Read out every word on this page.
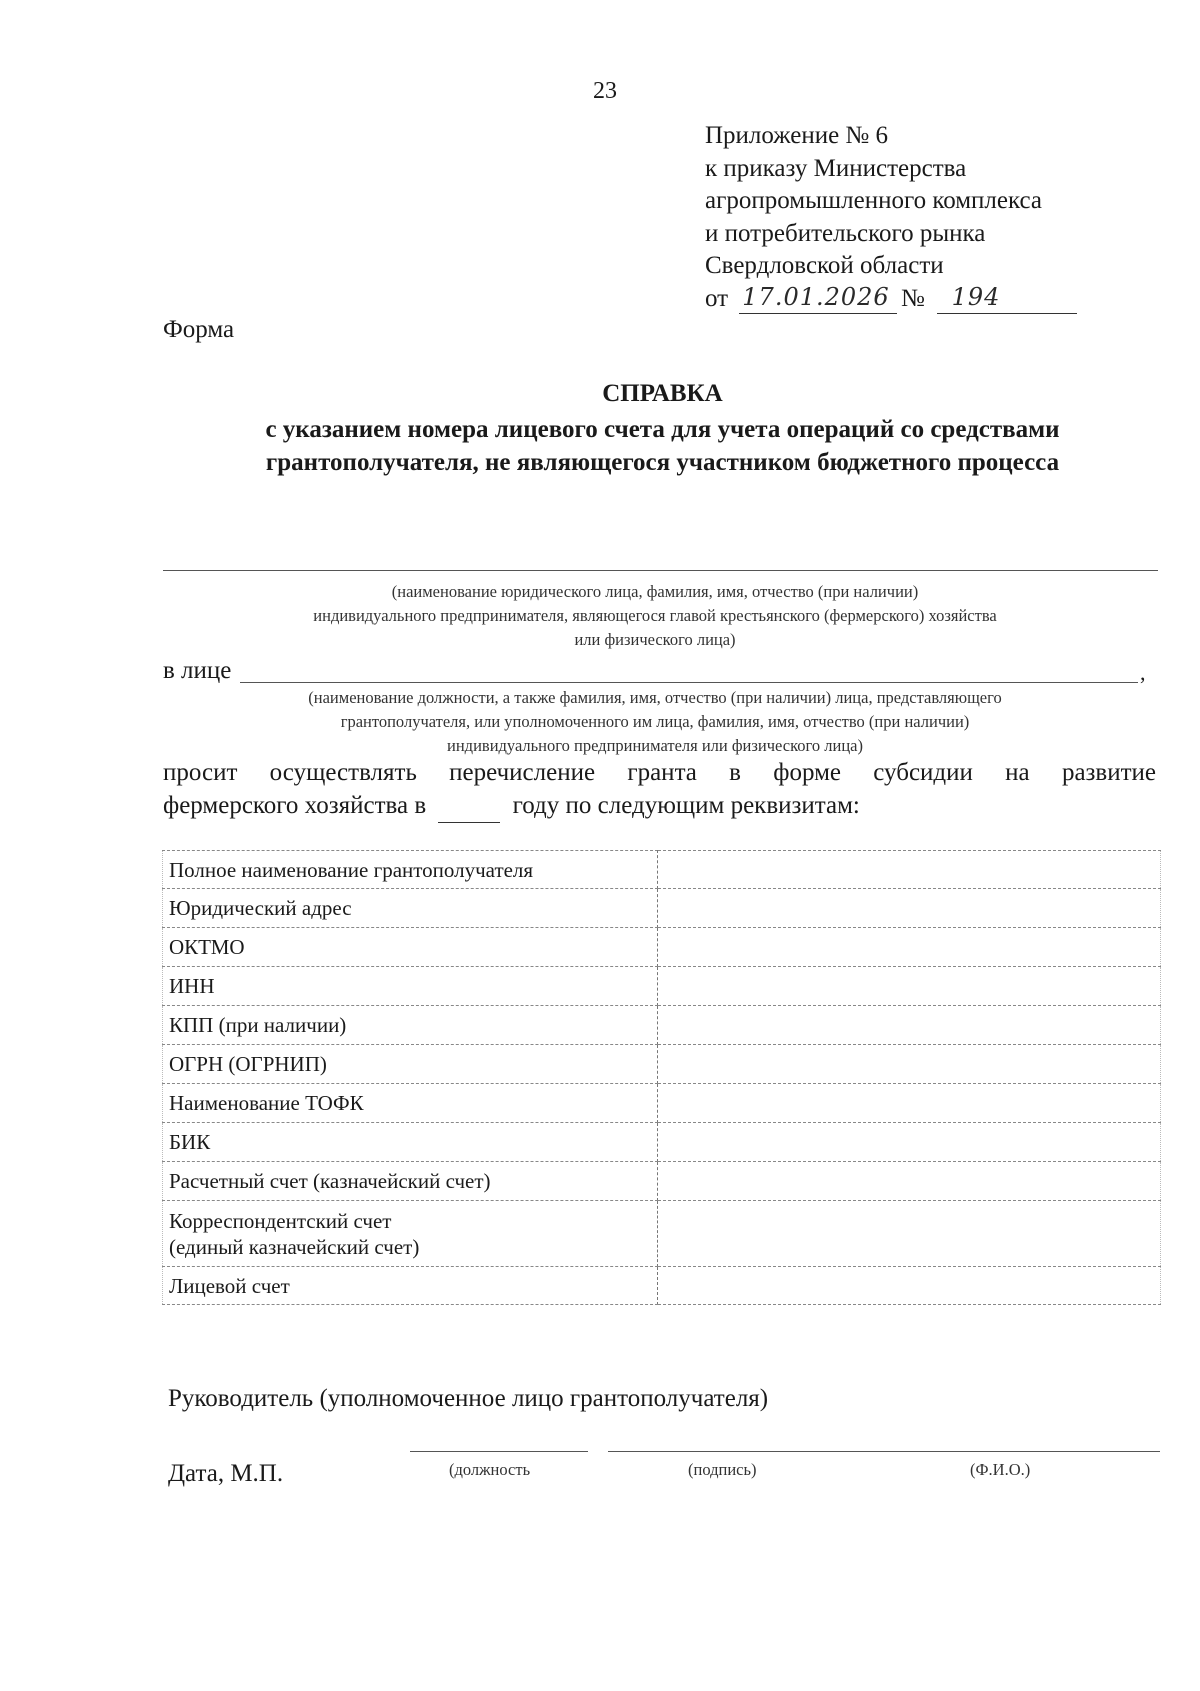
23
Приложение № 6
к приказу Министерства
агропромышленного комплекса
и потребительского рынка
Свердловской области
от 17.01.2026 №	194
Форма
СПРАВКА
с указанием номера лицевого счета для учета операций со средствами
грантополучателя, не являющегося участником бюджетного процесса
(наименование юридического лица, фамилия, имя, отчество (при наличии)
индивидуального предпринимателя, являющегося главой крестьянского (фермерского) хозяйства
или физического лица)
в лице	,
(наименование должности, а также фамилия, имя, отчество (при наличии) лица, представляющего
грантополучателя, или уполномоченного им лица, фамилия, имя, отчество (при наличии)
индивидуального предпринимателя или физического лица)
просит осуществлять перечисление гранта в форме субсидии на развитие
фермерского хозяйства в	году по следующим реквизитам:
Полное наименование грантополучателя	
Юридический адрес	
ОКТМО	
ИНН	
КПП (при наличии)	
ОГРН (ОГРНИП)	
Наименование ТОФК	
БИК	
Расчетный счет (казначейский счет)	

Корреспондентский счет
(единый казначейский счет)	

Лицевой счет	
Руководитель (уполномоченное лицо грантополучателя)
Дата, М.П.	(должность	(подпись)	(Ф.И.О.)
